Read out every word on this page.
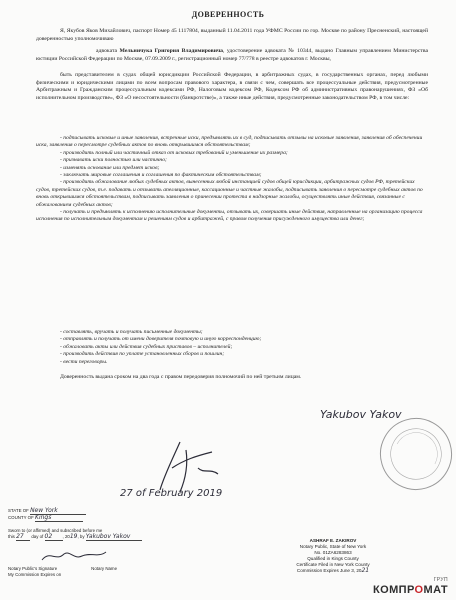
ДОВЕРЕННОСТЬ
Я, Якубов Яков Михайлович, паспорт Номер 45 1117804, выданный 11.04.2011 года УФМС России по гор. Москве по району Пресненский, настоящей доверенностью уполномочиваю
адвоката Мельничука Григория Владимировича, удостоверение адвоката № 10344, выдано Главным управлением Министерства юстиции Российской Федерации по Москве, 07.09.2009 г., регистрационный номер 77/778 в реестре адвокатов г. Москвы,
быть представителем в судах общей юрисдикции Российской Федерации, в арбитражных судах, в государственных органах, перед любыми физическими и юридическими лицами по всем вопросам правового характера, в связи с чем, совершать все процессуальные действия, предусмотренные Арбитражным и Гражданским процессуальным кодексами РФ, Налоговым кодексом РФ, Кодексом РФ об административных правонарушениях, ФЗ «Об исполнительном производстве», ФЗ «О несостоятельности (банкротстве)», а также иные действия, предусмотренные законодательством РФ, в том числе:
- подписывать исковые и иные заявления, встречные иски, предъявлять их в суд, подписывать отзывы на исковые заявления, заявления об обеспечении иска, заявления о пересмотре судебных актов по вновь открывшимся обстоятельствам;
- производить полный или частичный отказ от исковых требований и уменьшение их размера;
- признавать иски полностью или частично;
- изменять основание или предмет исков;
- заключать мировые соглашения и соглашения по фактическим обстоятельствам;
- производить обжалование любых судебных актов, вынесенных любой инстанцией судов общей юрисдикции, арбитражных судов РФ, третейских судов, третейских судов, т.е. подавать и отзывать апелляционные, кассационные и частные жалобы, подписывать заявления о пересмотре судебных актов по вновь открывшимся обстоятельствам, подписывать заявления о принесении протеста в надзорные жалобы, осуществлять иные действия, связанные с обжалованием судебных актов;
- получать и предъявлять к исполнению исполнительные документы, отзывать их, совершать иные действия, направленные на организацию процесса исполнения по исполнительным документам и решениям судов и арбитражей, с правом получения присужденного имущества или денег;
- составлять, вручать и получать письменные документы;
- отправлять и получать от имени доверителя почтовую и иную корреспонденцию;
- обжаловать акты или действия судебных приставов – исполнителей;
- производить действия по уплате установленных сборов и пошлин;
- вести переговоры.
Доверенность выдана сроком на два года с правом передоверия полномочий по ней третьим лицам.
Yakubov Yakov
27 of February 2019
STATE OF New York
COUNTY OF Kings
Sworn to (or affirmed) and subscribed before me
this 27 day of 02 , 2019, by Yakubov Yakov
Notary Public's Signature	Notary Name
My Commission Expires on
ASHRAF E. ZAKIROV
Notary Public, State of New York
No. 01ZA6283863
Qualified in Kings County
Certificate Filed in New York County
Commission Expires June 3, 2021
ГРУП
КОМПРОМАТ
